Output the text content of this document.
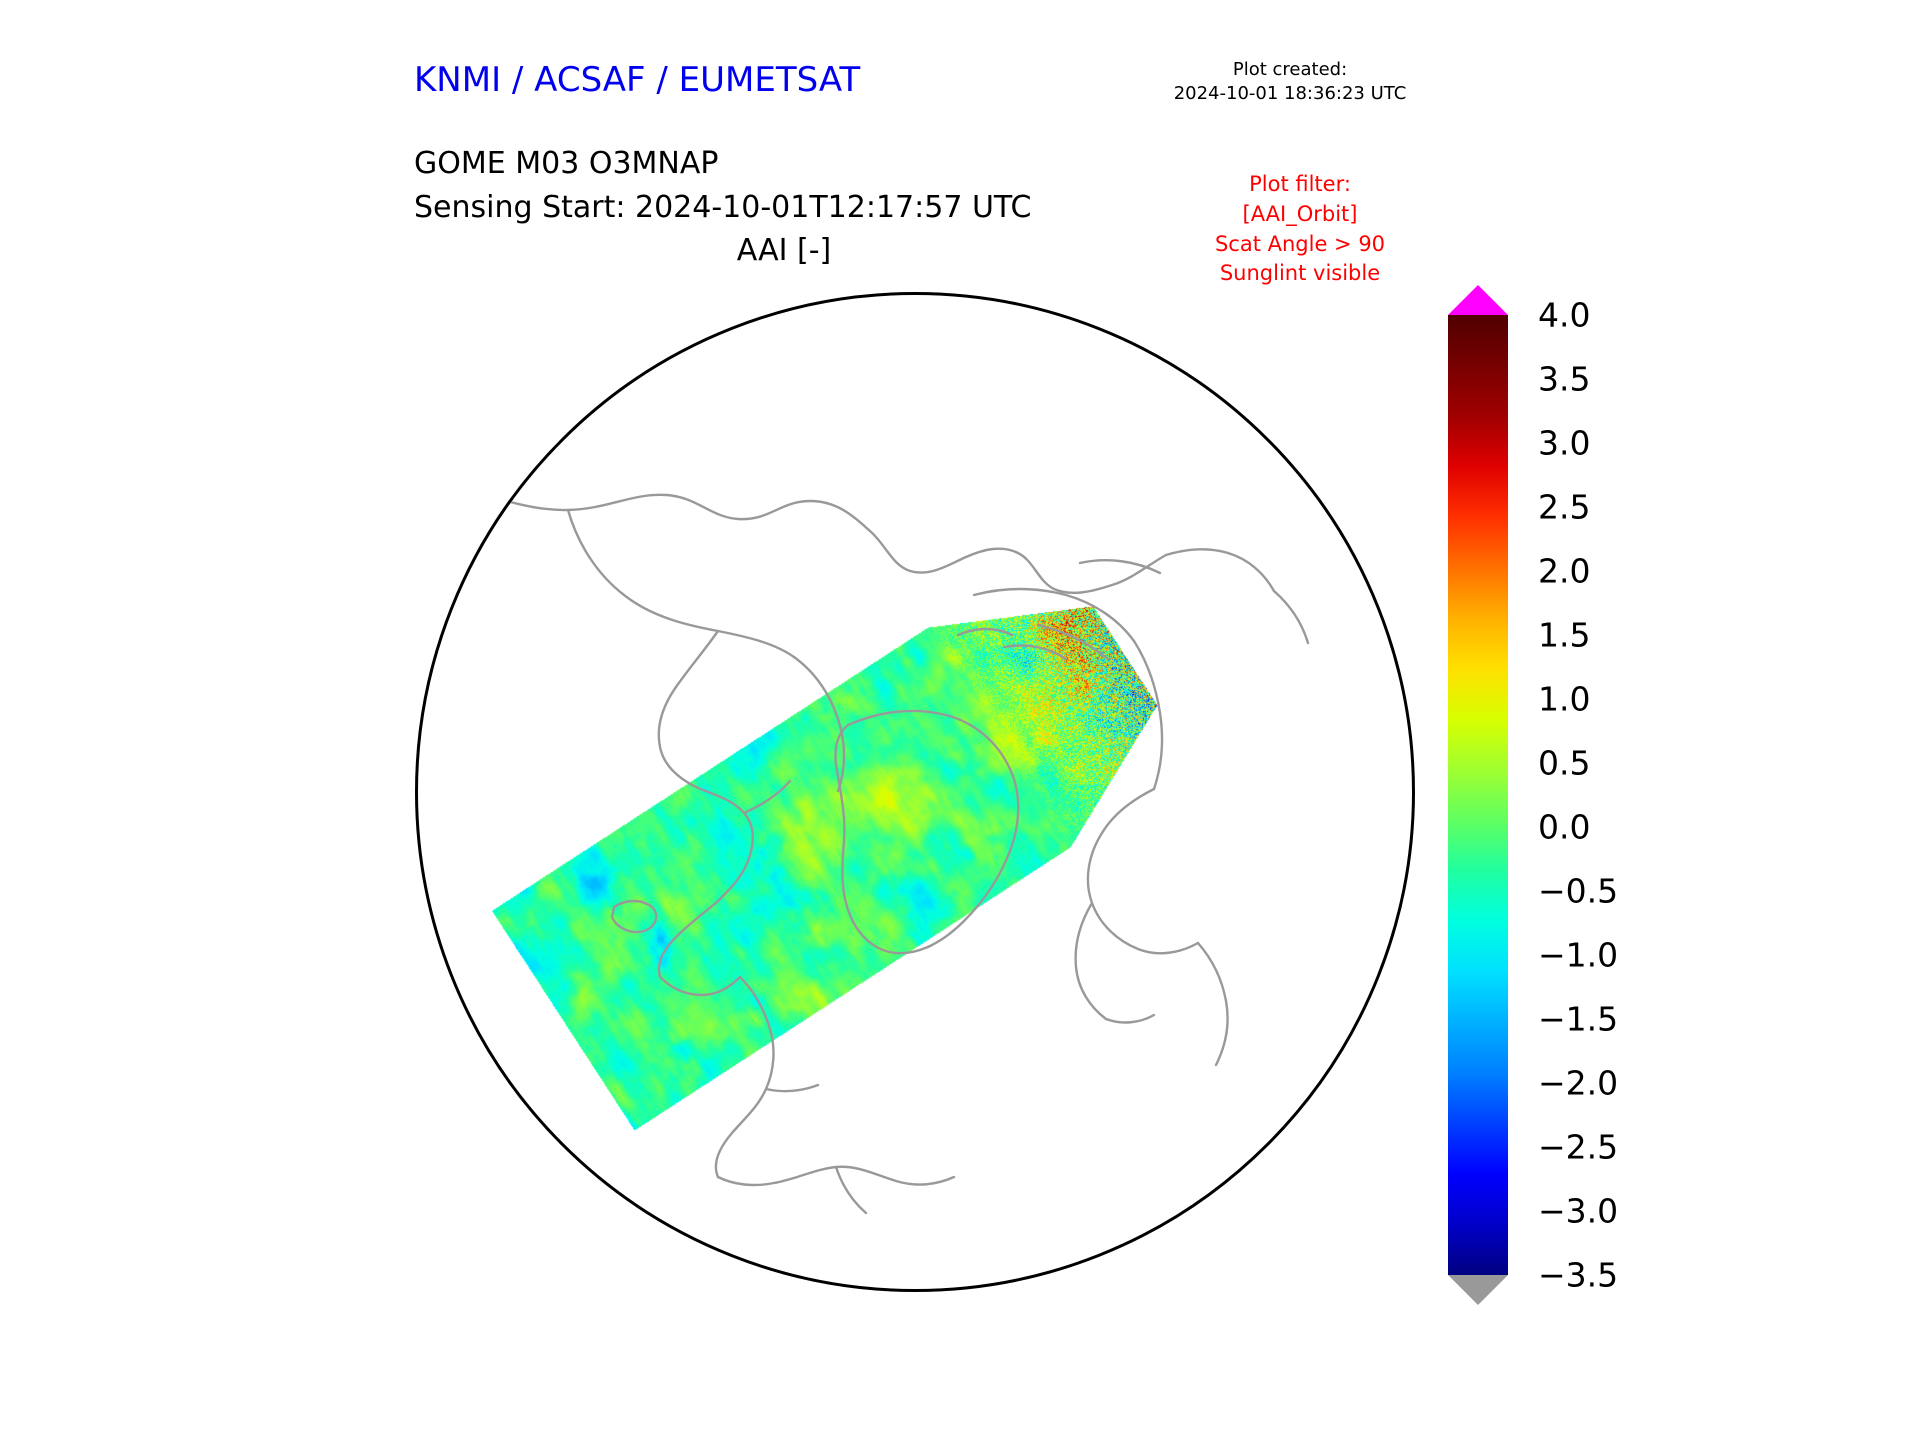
KNMI / ACSAF / EUMETSAT	Plot created:
2024-10-01 18:36:23 UTC
GOME M03 O3MNAP
Sensing Start: 2024-10-01T12:17:57 UTC
AAI [-]
Plot filter:
[AAI_Orbit]
Scat Angle > 90
Sunglint visible
4.0
3.5
3.0
2.5
2.0
1.5
1.0
0.5
0.0
−0.5
−1.0
−1.5
−2.0
−2.5
−3.0
−3.5
